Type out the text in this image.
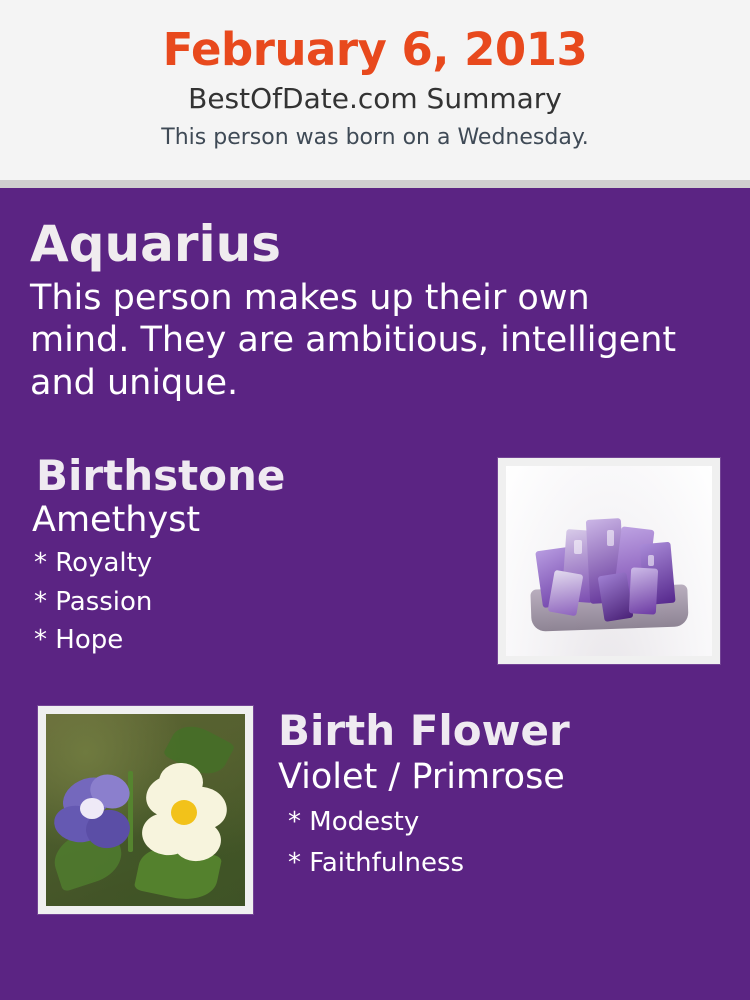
February 6, 2013
BestOfDate.com Summary
This person was born on a Wednesday.
Aquarius
This person makes up their own mind. They are ambitious, intelligent and unique.
Birthstone
Amethyst
* Royalty
* Passion
* Hope
Birth Flower
Violet / Primrose
* Modesty
* Faithfulness
